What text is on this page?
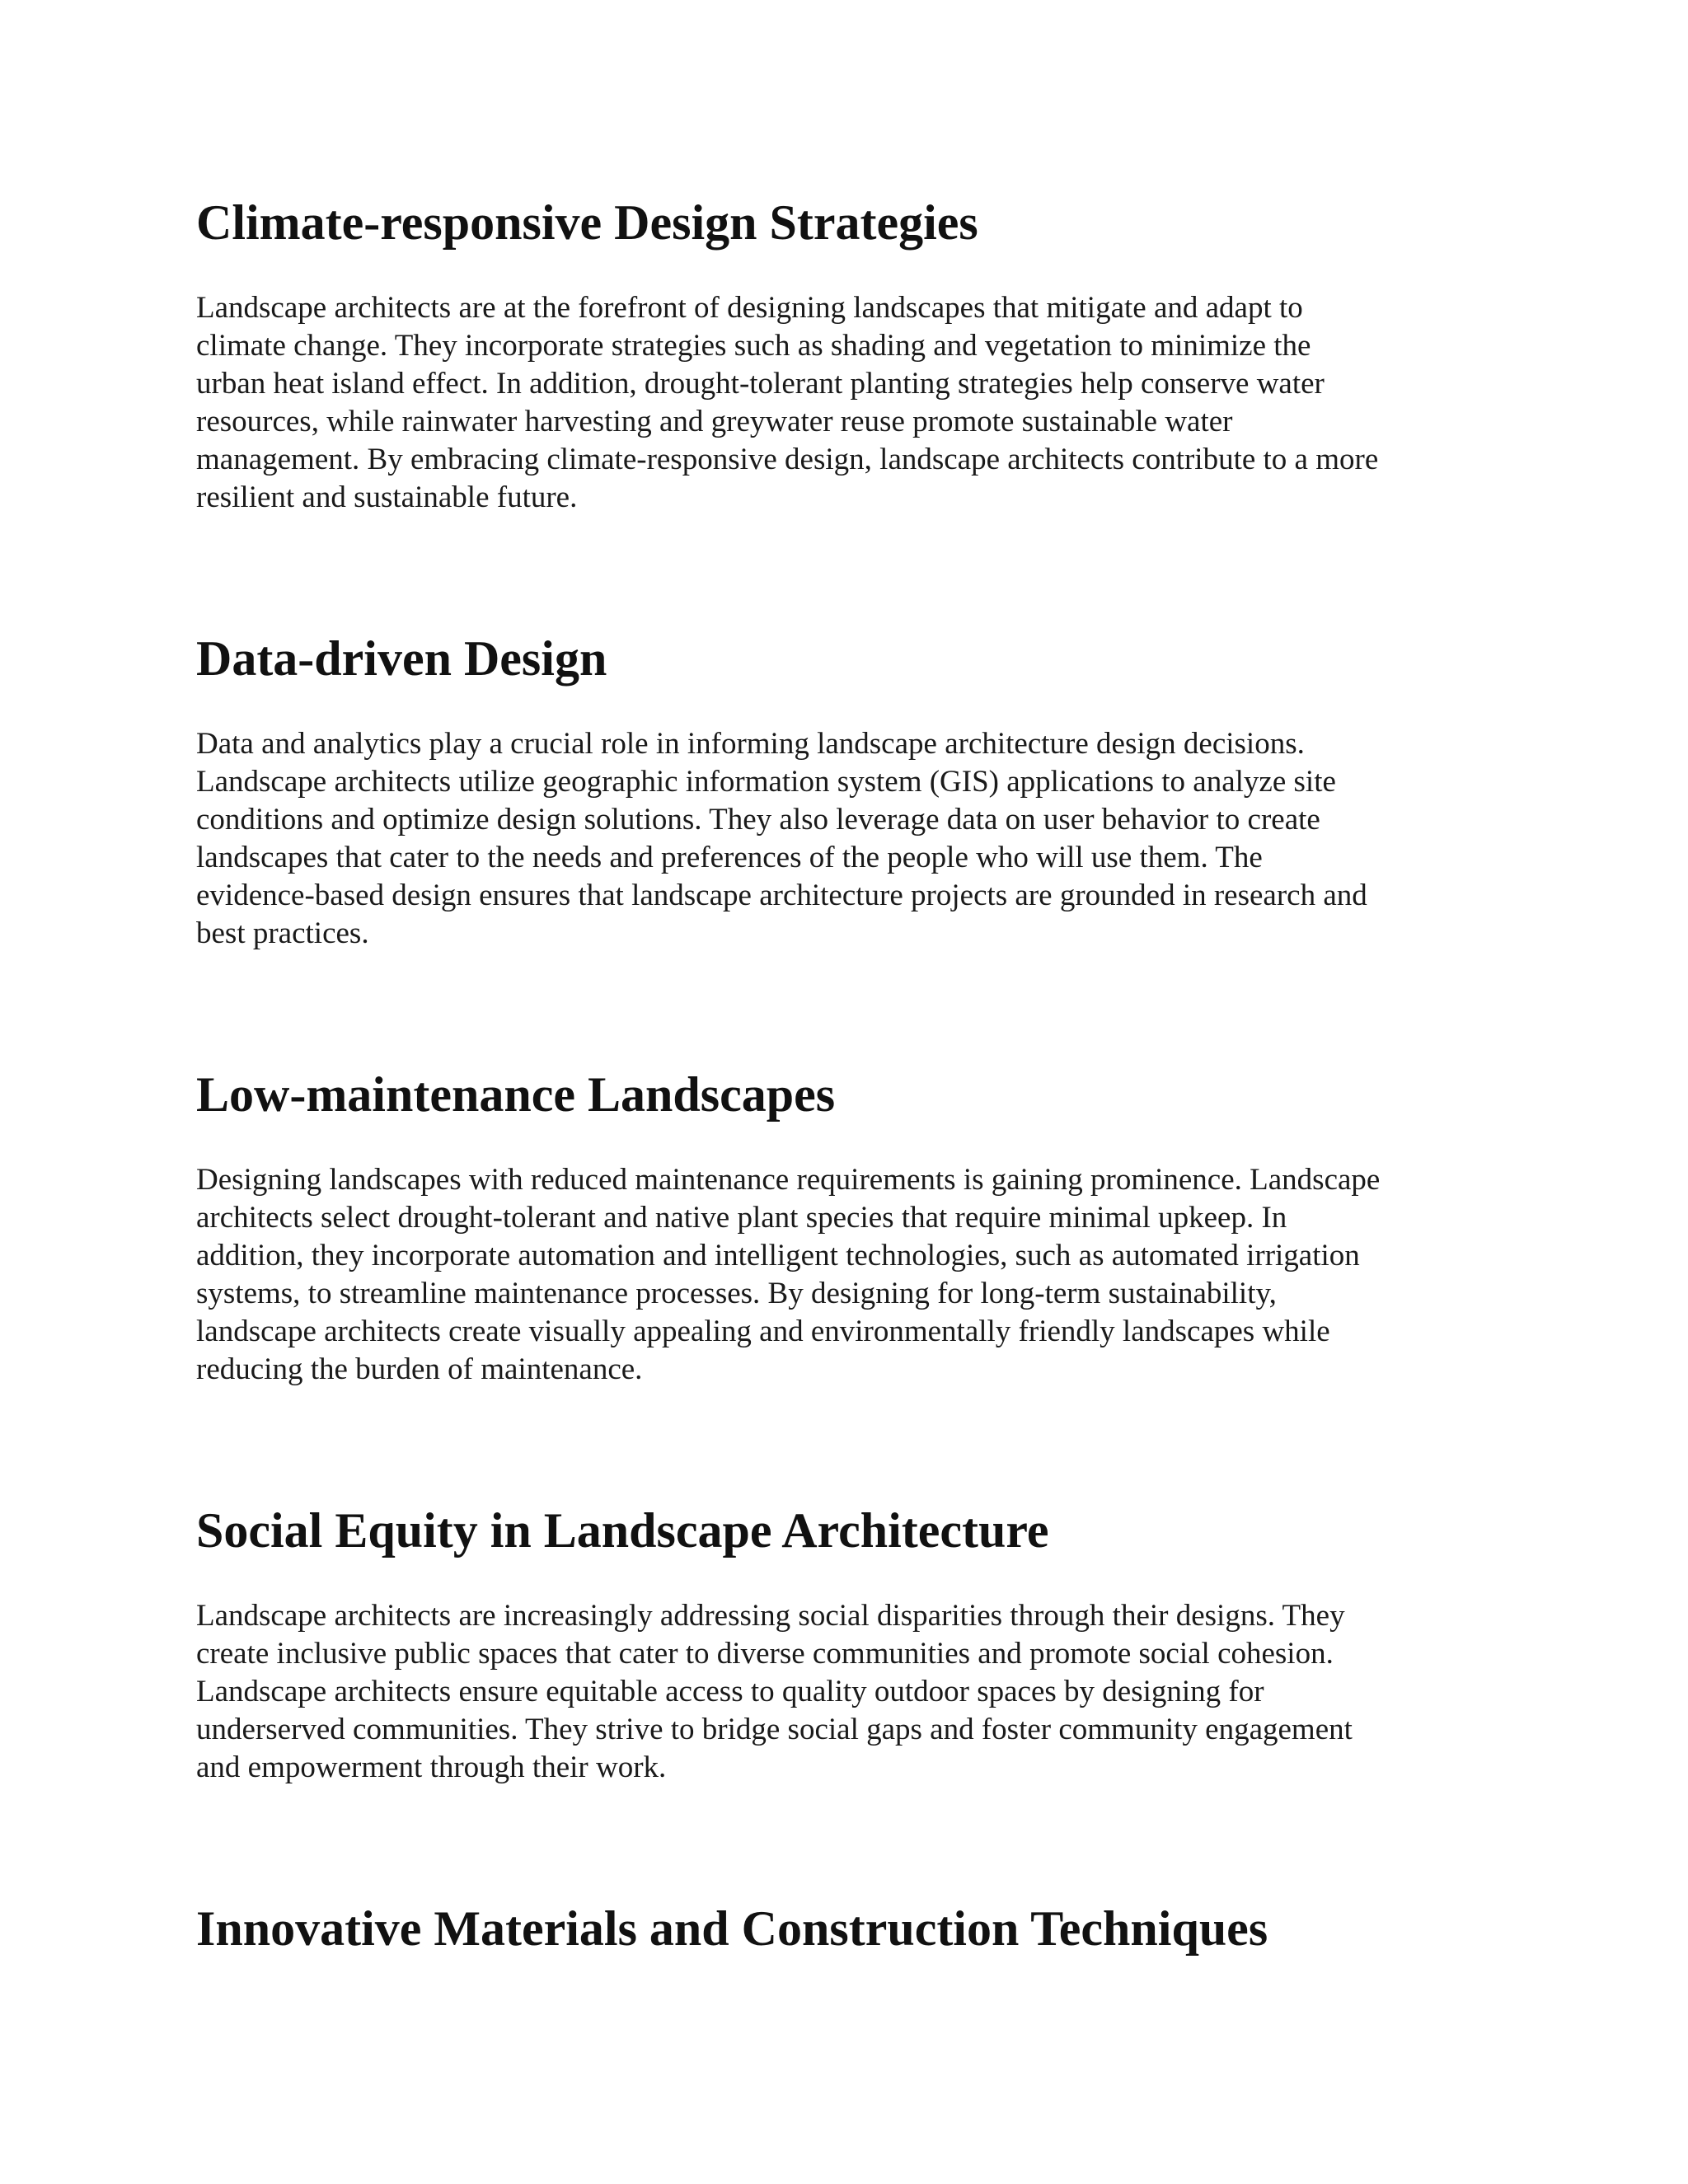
Climate-responsive Design Strategies
Landscape architects are at the forefront of designing landscapes that mitigate and adapt to
climate change. They incorporate strategies such as shading and vegetation to minimize the
urban heat island effect. In addition, drought-tolerant planting strategies help conserve water
resources, while rainwater harvesting and greywater reuse promote sustainable water
management. By embracing climate-responsive design, landscape architects contribute to a more
resilient and sustainable future.
Data-driven Design
Data and analytics play a crucial role in informing landscape architecture design decisions.
Landscape architects utilize geographic information system (GIS) applications to analyze site
conditions and optimize design solutions. They also leverage data on user behavior to create
landscapes that cater to the needs and preferences of the people who will use them. The
evidence-based design ensures that landscape architecture projects are grounded in research and
best practices.
Low-maintenance Landscapes
Designing landscapes with reduced maintenance requirements is gaining prominence. Landscape
architects select drought-tolerant and native plant species that require minimal upkeep. In
addition, they incorporate automation and intelligent technologies, such as automated irrigation
systems, to streamline maintenance processes. By designing for long-term sustainability,
landscape architects create visually appealing and environmentally friendly landscapes while
reducing the burden of maintenance.
Social Equity in Landscape Architecture
Landscape architects are increasingly addressing social disparities through their designs. They
create inclusive public spaces that cater to diverse communities and promote social cohesion.
Landscape architects ensure equitable access to quality outdoor spaces by designing for
underserved communities. They strive to bridge social gaps and foster community engagement
and empowerment through their work.
Innovative Materials and Construction Techniques
